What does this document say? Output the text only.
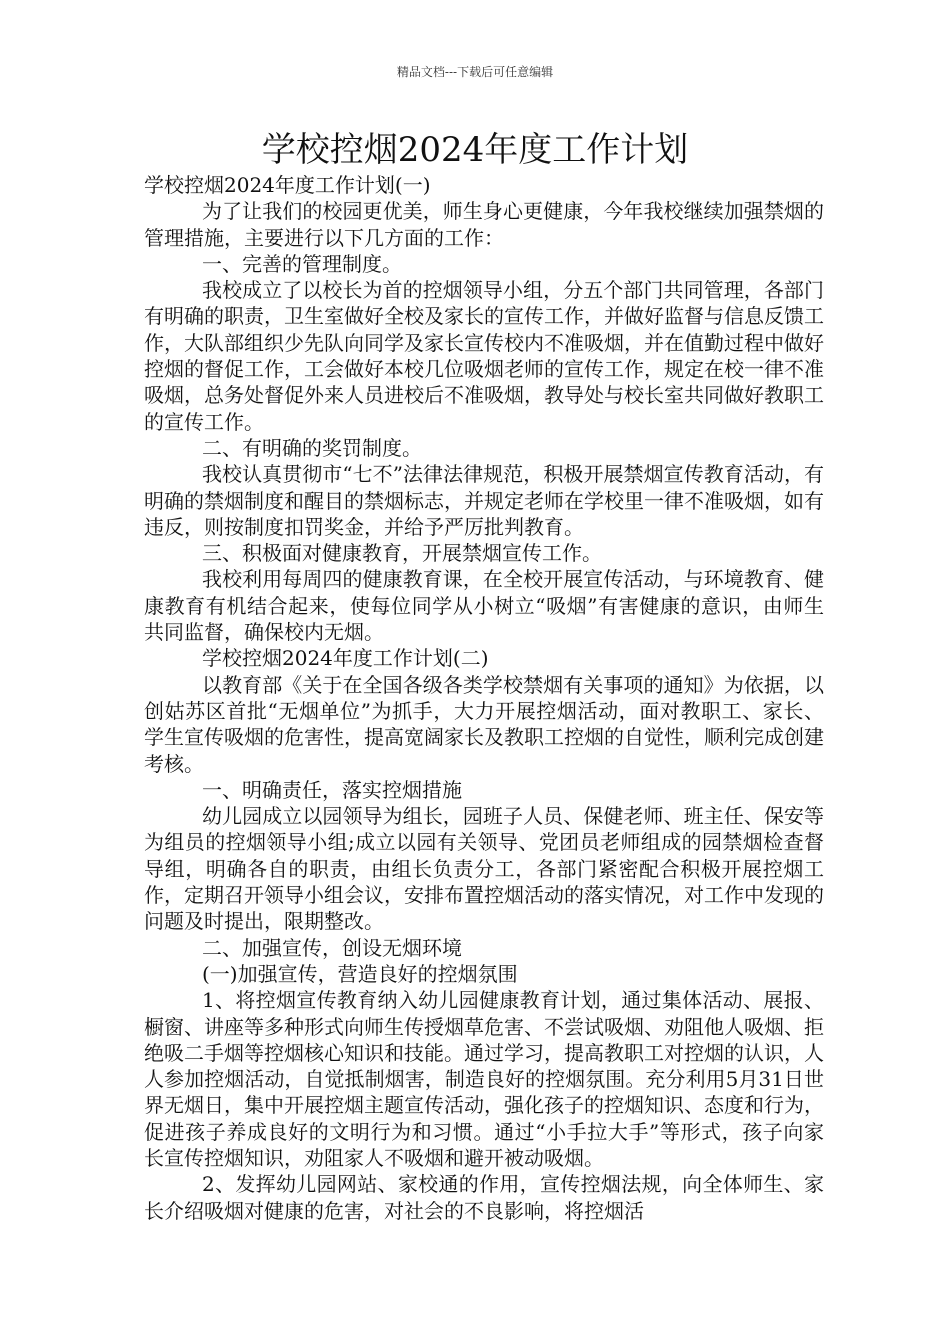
精品文档---下载后可任意编辑
学校控烟2024年度工作计划

学校控烟2024年度工作计划(一)

为了让我们的校园更优美，师生身心更健康，今年我校继续加强禁烟的管理措施，主要进行以下几方面的工作：

一、完善的管理制度。

我校成立了以校长为首的控烟领导小组，分五个部门共同管理，各部门有明确的职责，卫生室做好全校及家长的宣传工作，并做好监督与信息反馈工作，大队部组织少先队向同学及家长宣传校内不准吸烟，并在值勤过程中做好控烟的督促工作，工会做好本校几位吸烟老师的宣传工作，规定在校一律不准吸烟，总务处督促外来人员进校后不准吸烟，教导处与校长室共同做好教职工的宣传工作。

二、有明确的奖罚制度。

我校认真贯彻市“七不”法律法律规范，积极开展禁烟宣传教育活动，有明确的禁烟制度和醒目的禁烟标志，并规定老师在学校里一律不准吸烟，如有违反，则按制度扣罚奖金，并给予严厉批判教育。

三、积极面对健康教育，开展禁烟宣传工作。

我校利用每周四的健康教育课，在全校开展宣传活动，与环境教育、健康教育有机结合起来，使每位同学从小树立“吸烟”有害健康的意识，由师生共同监督，确保校内无烟。

学校控烟2024年度工作计划(二)

以教育部《关于在全国各级各类学校禁烟有关事项的通知》为依据，以创姑苏区首批“无烟单位”为抓手，大力开展控烟活动，面对教职工、家长、学生宣传吸烟的危害性，提高宽阔家长及教职工控烟的自觉性，顺利完成创建考核。

一、明确责任，落实控烟措施

幼儿园成立以园领导为组长，园班子人员、保健老师、班主任、保安等为组员的控烟领导小组;成立以园有关领导、党团员老师组成的园禁烟检查督导组，明确各自的职责，由组长负责分工，各部门紧密配合积极开展控烟工作，定期召开领导小组会议，安排布置控烟活动的落实情况，对工作中发现的问题及时提出，限期整改。

二、加强宣传，创设无烟环境

(一)加强宣传，营造良好的控烟氛围

1、将控烟宣传教育纳入幼儿园健康教育计划，通过集体活动、展报、橱窗、讲座等多种形式向师生传授烟草危害、不尝试吸烟、劝阻他人吸烟、拒绝吸二手烟等控烟核心知识和技能。通过学习，提高教职工对控烟的认识，人人参加控烟活动，自觉抵制烟害，制造良好的控烟氛围。充分利用5月31日世界无烟日，集中开展控烟主题宣传活动，强化孩子的控烟知识、态度和行为，促进孩子养成良好的文明行为和习惯。通过“小手拉大手”等形式，孩子向家长宣传控烟知识，劝阻家人不吸烟和避开被动吸烟。

2、发挥幼儿园网站、家校通的作用，宣传控烟法规，向全体师生、家长介绍吸烟对健康的危害，对社会的不良影响，将控烟活
